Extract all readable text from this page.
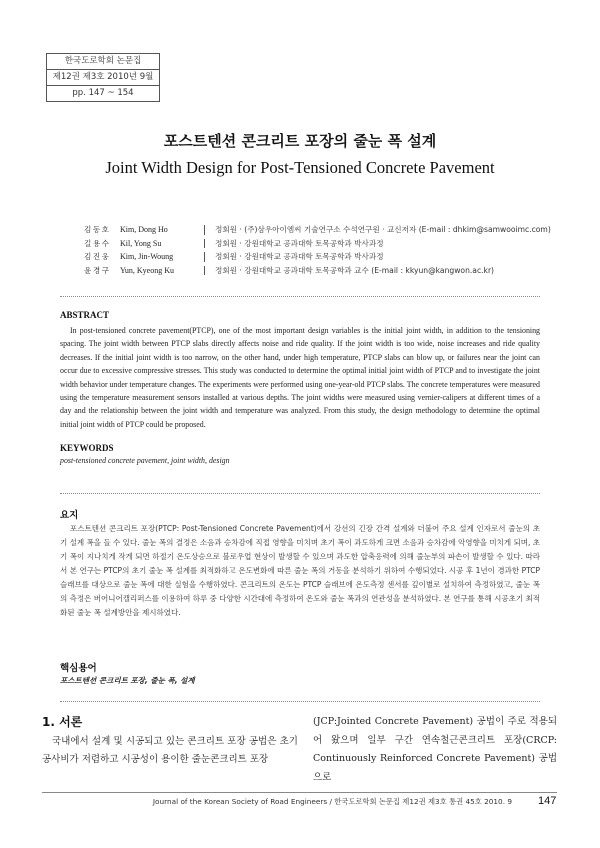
한국도로학회 논문집
제12권 제3호 2010년 9월
pp. 147 ~ 154
포스트텐션 콘크리트 포장의 줄눈 폭 설계
Joint Width Design for Post-Tensioned Concrete Pavement
김동호	Kim, Dong Ho	정회원 · (주)삼우아이엠씨 기술연구소 수석연구원 · 교신저자 (E-mail : dhkim@samwooimc.com)
길용수	Kil, Yong Su	정회원 · 강원대학교 공과대학 토목공학과 박사과정
김진웅	Kim, Jin-Woung	정회원 · 강원대학교 공과대학 토목공학과 박사과정
윤경구	Yun, Kyeong Ku	정회원 · 강원대학교 공과대학 토목공학과 교수 (E-mail : kkyun@kangwon.ac.kr)
ABSTRACT
In post-tensioned concrete pavement(PTCP), one of the most important design variables is the initial joint width, in addition to the tensioning spacing. The joint width between PTCP slabs directly affects noise and ride quality. If the joint width is too wide, noise increases and ride quality decreases. If the initial joint width is too narrow, on the other hand, under high temperature, PTCP slabs can blow up, or failures near the joint can occur due to excessive compressive stresses. This study was conducted to determine the optimal initial joint width of PTCP and to investigate the joint width behavior under temperature changes. The experiments were performed using one-year-old PTCP slabs. The concrete temperatures were measured using the temperature measurement sensors installed at various depths. The joint widths were measured using vernier-calipers at different times of a day and the relationship between the joint width and temperature was analyzed. From this study, the design methodology to determine the optimal initial joint width of PTCP could be proposed.
KEYWORDS
post-tensioned concrete pavement, joint width, design
요지
포스트텐션 콘크리트 포장(PTCP: Post-Tensioned Concrete Pavement)에서 강선의 긴장 간격 설계와 더불어 주요 설계 인자로서 줄눈의 초기 설계 폭을 들 수 있다. 줄눈 폭의 결정은 소음과 승차감에 직접 영향을 미치며 초기 폭이 과도하게 크면 소음과 승차감에 악영향을 미치게 되며, 초기 폭이 지나치게 작게 되면 하절기 온도상승으로 블로우업 현상이 발생할 수 있으며 과도한 압축응력에 의해 줄눈부의 파손이 발생할 수 있다. 따라서 본 연구는 PTCP의 초기 줄눈 폭 설계를 최적화하고 온도변화에 따른 줄눈 폭의 거동을 분석하기 위하여 수행되었다. 시공 후 1년이 경과한 PTCP 슬래브를 대상으로 줄눈 폭에 대한 실험을 수행하였다. 콘크리트의 온도는 PTCP 슬래브에 온도측정 센서를 깊이별로 설치하여 측정하였고, 줄눈 폭의 측정은 버어니어캘리퍼스를 이용하여 하루 중 다양한 시간대에 측정하여 온도와 줄눈 폭과의 연관성을 분석하였다. 본 연구를 통해 시공초기 최적화된 줄눈 폭 설계방안을 제시하였다.
핵심용어
포스트텐션 콘크리트 포장, 줄눈 폭, 설계
1. 서론
국내에서 설계 및 시공되고 있는 콘크리트 포장 공법은 초기 공사비가 저렴하고 시공성이 용이한 줄눈콘크리트 포장
(JCP:Jointed Concrete Pavement) 공법이 주로 적용되어 왔으며 일부 구간 연속철근콘크리트 포장(CRCP: Continuously Reinforced Concrete Pavement) 공법으로
Journal of the Korean Society of Road Engineers / 한국도로학회 논문집 제12권 제3호 통권 45호 2010. 9 147
